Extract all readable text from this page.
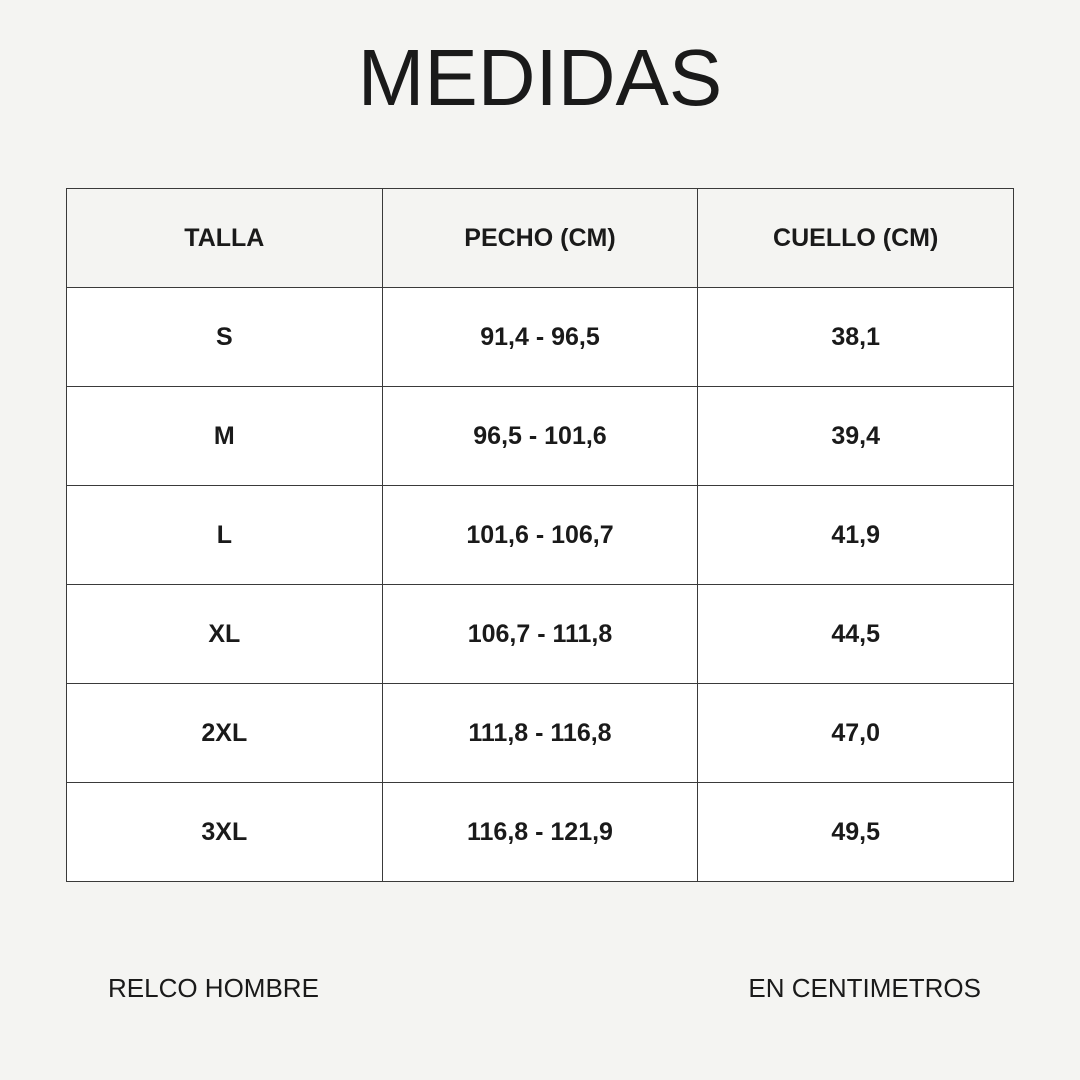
MEDIDAS
TALLA	PECHO (CM)	CUELLO (CM)
S	91,4 - 96,5	38,1
M	96,5 - 101,6	39,4
L	101,6 - 106,7	41,9
XL	106,7 - 111,8	44,5
2XL	111,8 - 116,8	47,0
3XL	116,8 - 121,9	49,5
RELCO HOMBRE	EN CENTIMETROS
